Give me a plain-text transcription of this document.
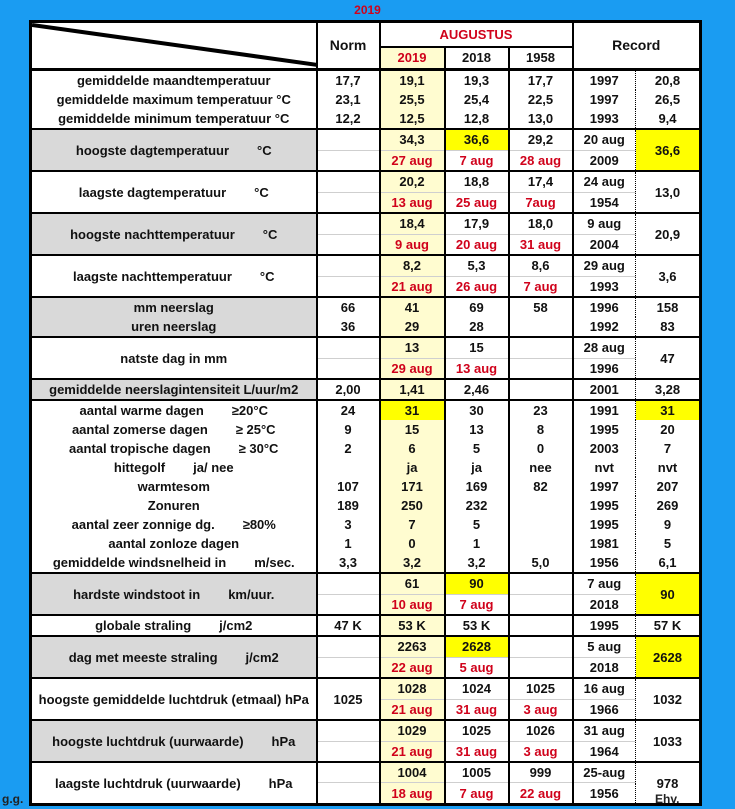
2019
	Norm	AUGUSTUS			Record	
		2019	2018	1958		
gemiddelde maandtemperatuur	17,7	19,1	19,3	17,7	1997	20,8
gemiddelde maximum temperatuur °C	23,1	25,5	25,4	22,5	1997	26,5
gemiddelde minimum temperatuur °C	12,2	12,5	12,8	13,0	1993	9,4
hoogste dagtemperatuur °C		34,3	36,6	29,2	20 aug	36,6
		27 aug	7 aug	28 aug	2009	
laagste dagtemperatuur °C		20,2	18,8	17,4	24 aug	13,0
		13 aug	25 aug	7aug	1954	
hoogste nachttemperatuur °C		18,4	17,9	18,0	9 aug	20,9
		9 aug	20 aug	31 aug	2004	
laagste nachttemperatuur °C		8,2	5,3	8,6	29 aug	3,6
		21 aug	26 aug	7 aug	1993	
mm neerslag	66	41	69	58	1996	158
uren neerslag	36	29	28		1992	83
natste dag in mm		13	15		28 aug	47
		29 aug	13 aug		1996	
gemiddelde neerslagintensiteit L/uur/m2	2,00	1,41	2,46		2001	3,28
aantal warme dagen ≥20°C	24	31	30	23	1991	31
aantal zomerse dagen ≥ 25°C	9	15	13	8	1995	20
aantal tropische dagen ≥ 30°C	2	6	5	0	2003	7
hittegolf ja/ nee		ja	ja	nee	nvt	nvt
warmtesom	107	171	169	82	1997	207
Zonuren	189	250	232		1995	269
aantal zeer zonnige dg. ≥80%	3	7	5		1995	9
aantal zonloze dagen	1	0	1		1981	5
gemiddelde windsnelheid in m/sec.	3,3	3,2	3,2	5,0	1956	6,1
hardste windstoot in km/uur.		61	90		7 aug	90
		10 aug	7 aug		2018	
globale straling j/cm2	47 K	53 K	53 K		1995	57 K
dag met meeste straling j/cm2		2263	2628		5 aug	2628
		22 aug	5 aug		2018	
hoogste gemiddelde luchtdruk (etmaal) hPa	1025	1028	1024	1025	16 aug	1032
		21 aug	31 aug	3 aug	1966	
hoogste luchtdruk (uurwaarde) hPa		1029	1025	1026	31 aug	1033
		21 aug	31 aug	3 aug	1964	
laagste luchtdruk (uurwaarde) hPa		1004	1005	999	25-aug	978
		18 aug	7 aug	22 aug	1956	
g.g.	Ehv.
